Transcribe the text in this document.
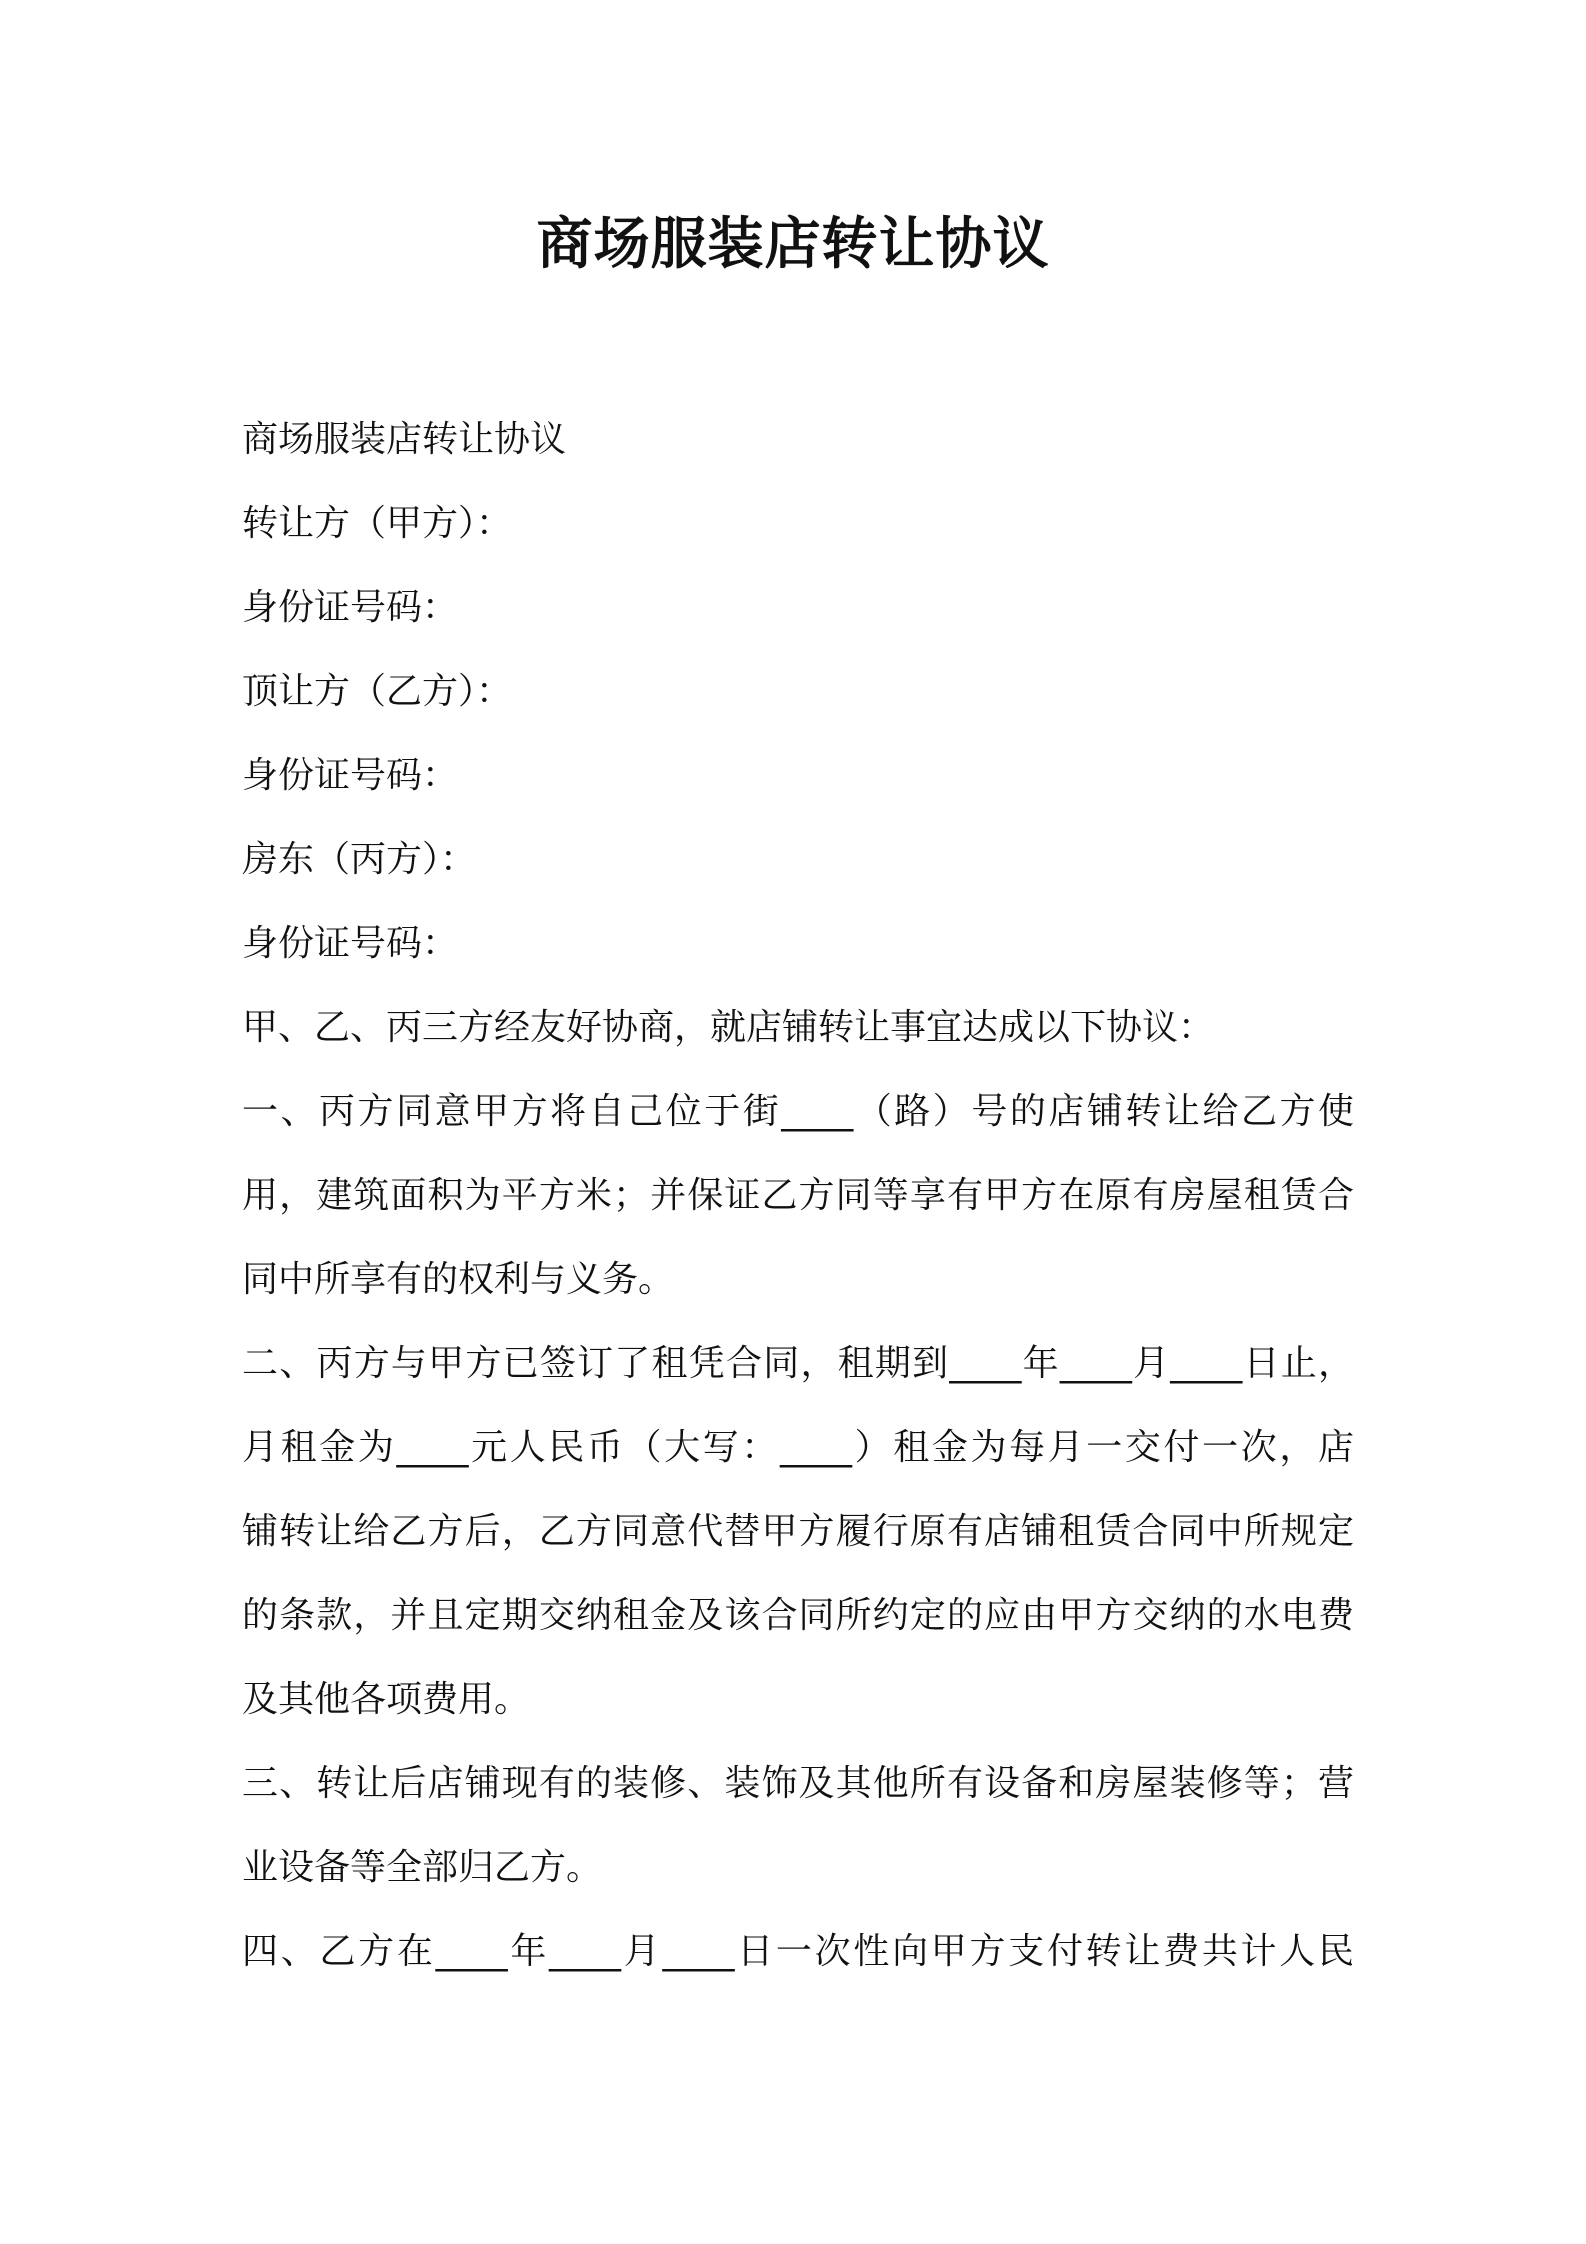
商场服装店转让协议

商场服装店转让协议

转让方（甲方）：

身份证号码：

顶让方（乙方）：

身份证号码：

房东（丙方）：

身份证号码：

甲、乙、丙三方经友好协商，就店铺转让事宜达成以下协议：

一、丙方同意甲方将自己位于街____（路）号的店铺转让给乙方使

用，建筑面积为平方米；并保证乙方同等享有甲方在原有房屋租赁合

同中所享有的权利与义务。

二、丙方与甲方已签订了租凭合同，租期到____年____月____日止，

月租金为____元人民币（大写：____）租金为每月一交付一次，店

铺转让给乙方后，乙方同意代替甲方履行原有店铺租赁合同中所规定

的条款，并且定期交纳租金及该合同所约定的应由甲方交纳的水电费

及其他各项费用。

三、转让后店铺现有的装修、装饰及其他所有设备和房屋装修等；营

业设备等全部归乙方。

四、乙方在____年____月____日一次性向甲方支付转让费共计人民
